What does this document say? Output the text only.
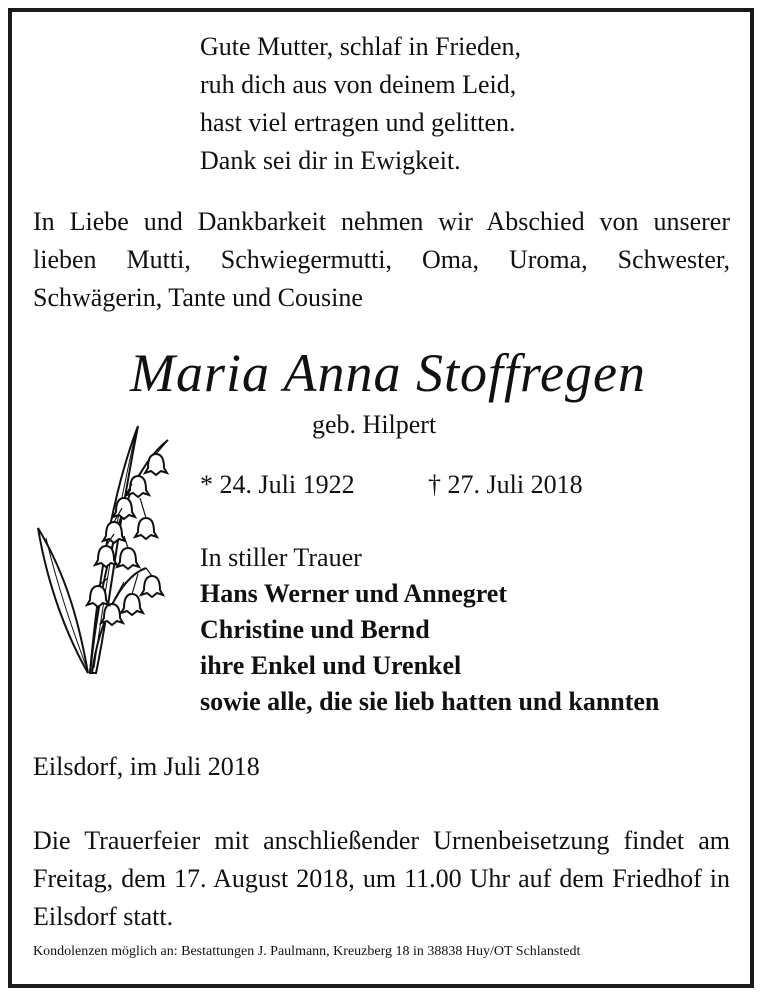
Gute Mutter, schlaf in Frieden,
ruh dich aus von deinem Leid,
hast viel ertragen und gelitten.
Dank sei dir in Ewigkeit.
In Liebe und Dankbarkeit nehmen wir Abschied von unserer lieben Mutti, Schwiegermutti, Oma, Uroma, Schwester, Schwägerin, Tante und Cousine
Maria Anna Stoffregen
geb. Hilpert
* 24. Juli 1922	† 27. Juli 2018
In stiller Trauer
Hans Werner und Annegret
Christine und Bernd
ihre Enkel und Urenkel
sowie alle, die sie lieb hatten und kannten
Eilsdorf, im Juli 2018
Die Trauerfeier mit anschließender Urnenbeisetzung findet am Freitag, dem 17. August 2018, um 11.00 Uhr auf dem Friedhof in Eilsdorf statt.
Kondolenzen möglich an: Bestattungen J. Paulmann, Kreuzberg 18 in 38838 Huy/OT Schlanstedt
